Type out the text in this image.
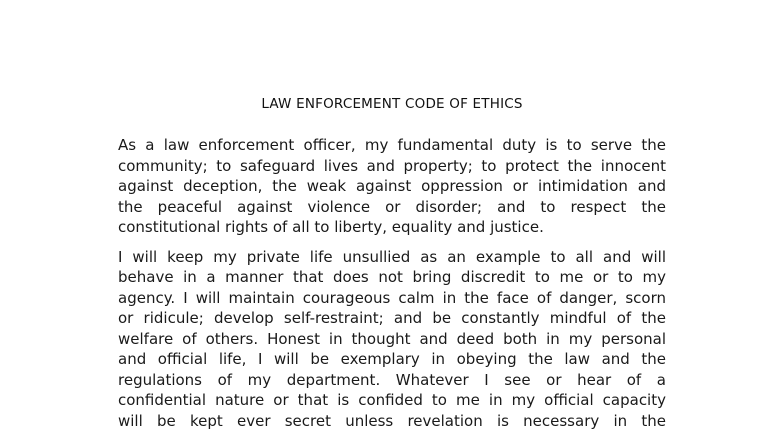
LAW ENFORCEMENT CODE OF ETHICS

As a law enforcement officer, my fundamental duty is to serve the
community; to safeguard lives and property; to protect the innocent
against deception, the weak against oppression or intimidation and
the peaceful against violence or disorder; and to respect the
constitutional rights of all to liberty, equality and justice.

I will keep my private life unsullied as an example to all and will
behave in a manner that does not bring discredit to me or to my
agency. I will maintain courageous calm in the face of danger, scorn
or ridicule; develop self-restraint; and be constantly mindful of the
welfare of others. Honest in thought and deed both in my personal
and official life, I will be exemplary in obeying the law and the
regulations of my department. Whatever I see or hear of a
confidential nature or that is confided to me in my official capacity
will be kept ever secret unless revelation is necessary in the
